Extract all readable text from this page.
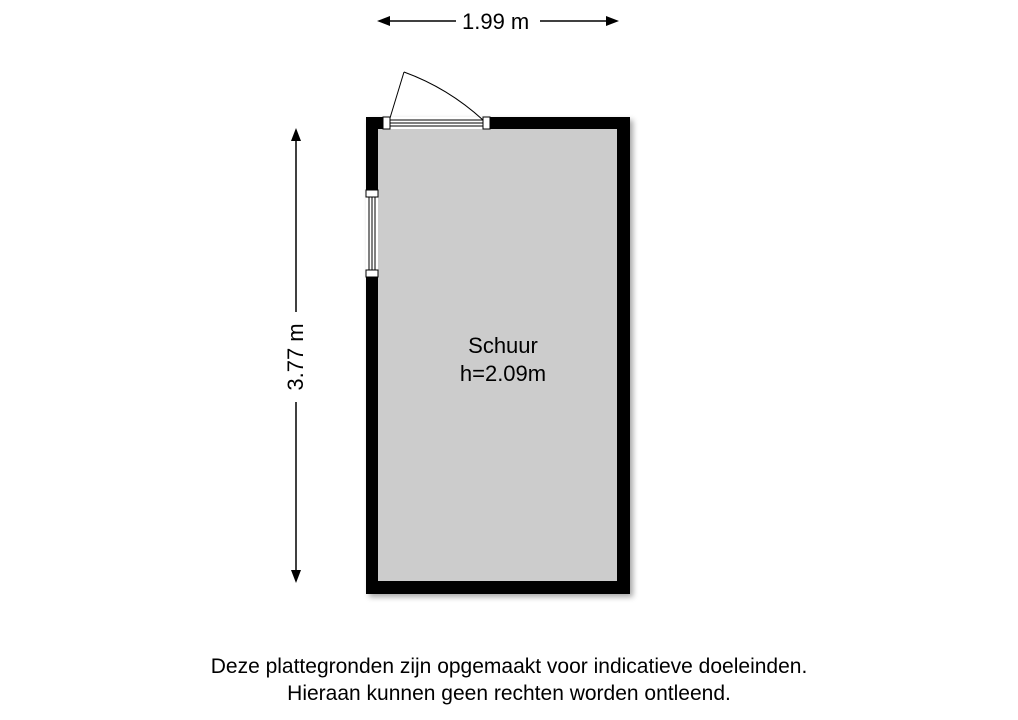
1.99 m
3.77 m	Schuur
h=2.09m
Deze plattegronden zijn opgemaakt voor indicatieve doeleinden.
Hieraan kunnen geen rechten worden ontleend.
